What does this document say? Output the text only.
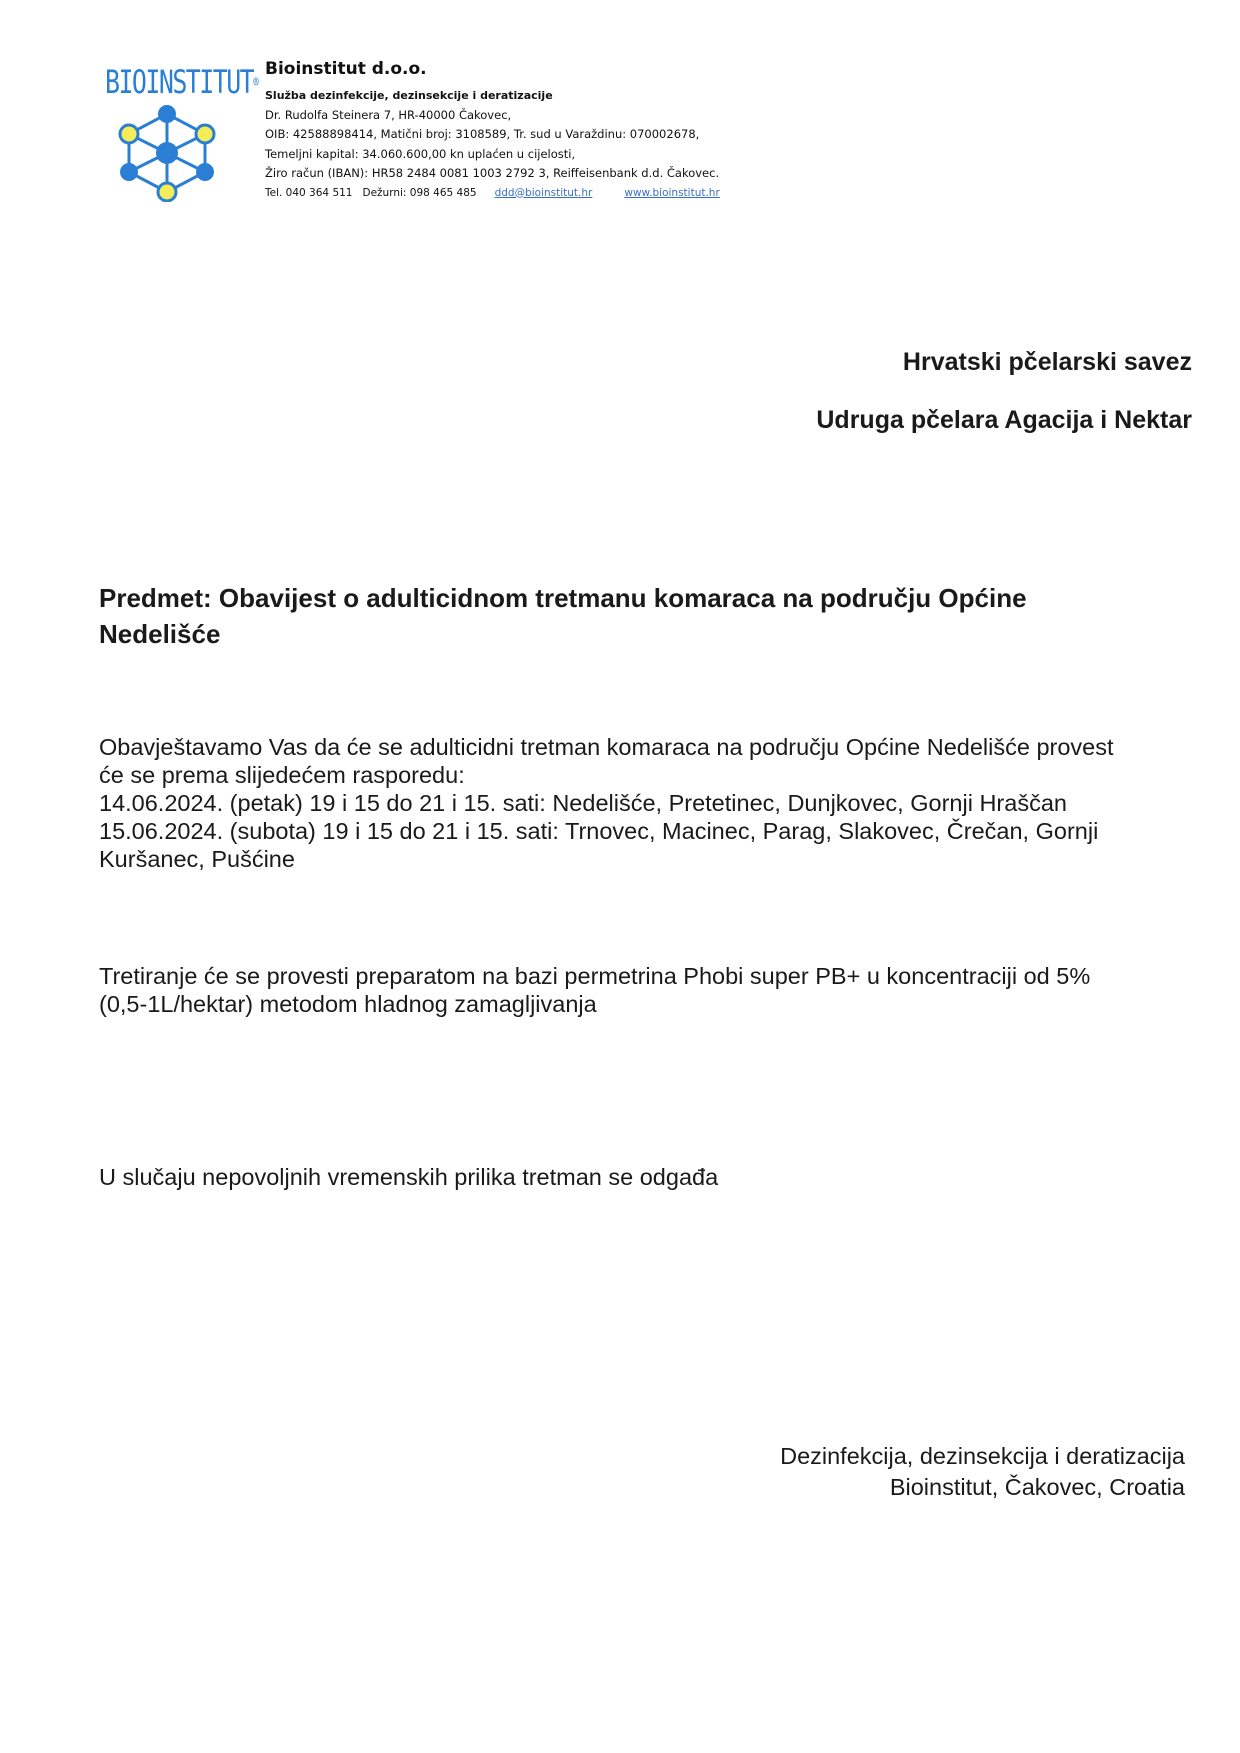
BIOINSTITUT®
Bioinstitut d.o.o.
Služba dezinfekcije, dezinsekcije i deratizacije
Dr. Rudolfa Steinera 7, HR-40000 Čakovec,
OIB: 42588898414, Matični broj: 3108589, Tr. sud u Varaždinu: 070002678,
Temeljni kapital: 34.060.600,00 kn uplaćen u cijelosti,
Žiro račun (IBAN): HR58 2484 0081 1003 2792 3, Reiffeisenbank d.d. Čakovec.
Tel. 040 364 511 Dežurni: 098 465 485 ddd@bioinstitut.hr	www.bioinstitut.hr
Hrvatski pčelarski savez
Udruga pčelara Agacija i Nektar
Predmet: Obavijest o adulticidnom tretmanu komaraca na području Općine
Nedelišće
Obavještavamo Vas da će se adulticidni tretman komaraca na području Općine Nedelišće provest
će se prema slijedećem rasporedu:
14.06.2024. (petak) 19 i 15 do 21 i 15. sati: Nedelišće, Pretetinec, Dunjkovec, Gornji Hraščan
15.06.2024. (subota) 19 i 15 do 21 i 15. sati: Trnovec, Macinec, Parag, Slakovec, Črečan, Gornji
Kuršanec, Pušćine
Tretiranje će se provesti preparatom na bazi permetrina Phobi super PB+ u koncentraciji od 5%
(0,5-1L/hektar) metodom hladnog zamagljivanja
U slučaju nepovoljnih vremenskih prilika tretman se odgađa
Dezinfekcija, dezinsekcija i deratizacija
Bioinstitut, Čakovec, Croatia
